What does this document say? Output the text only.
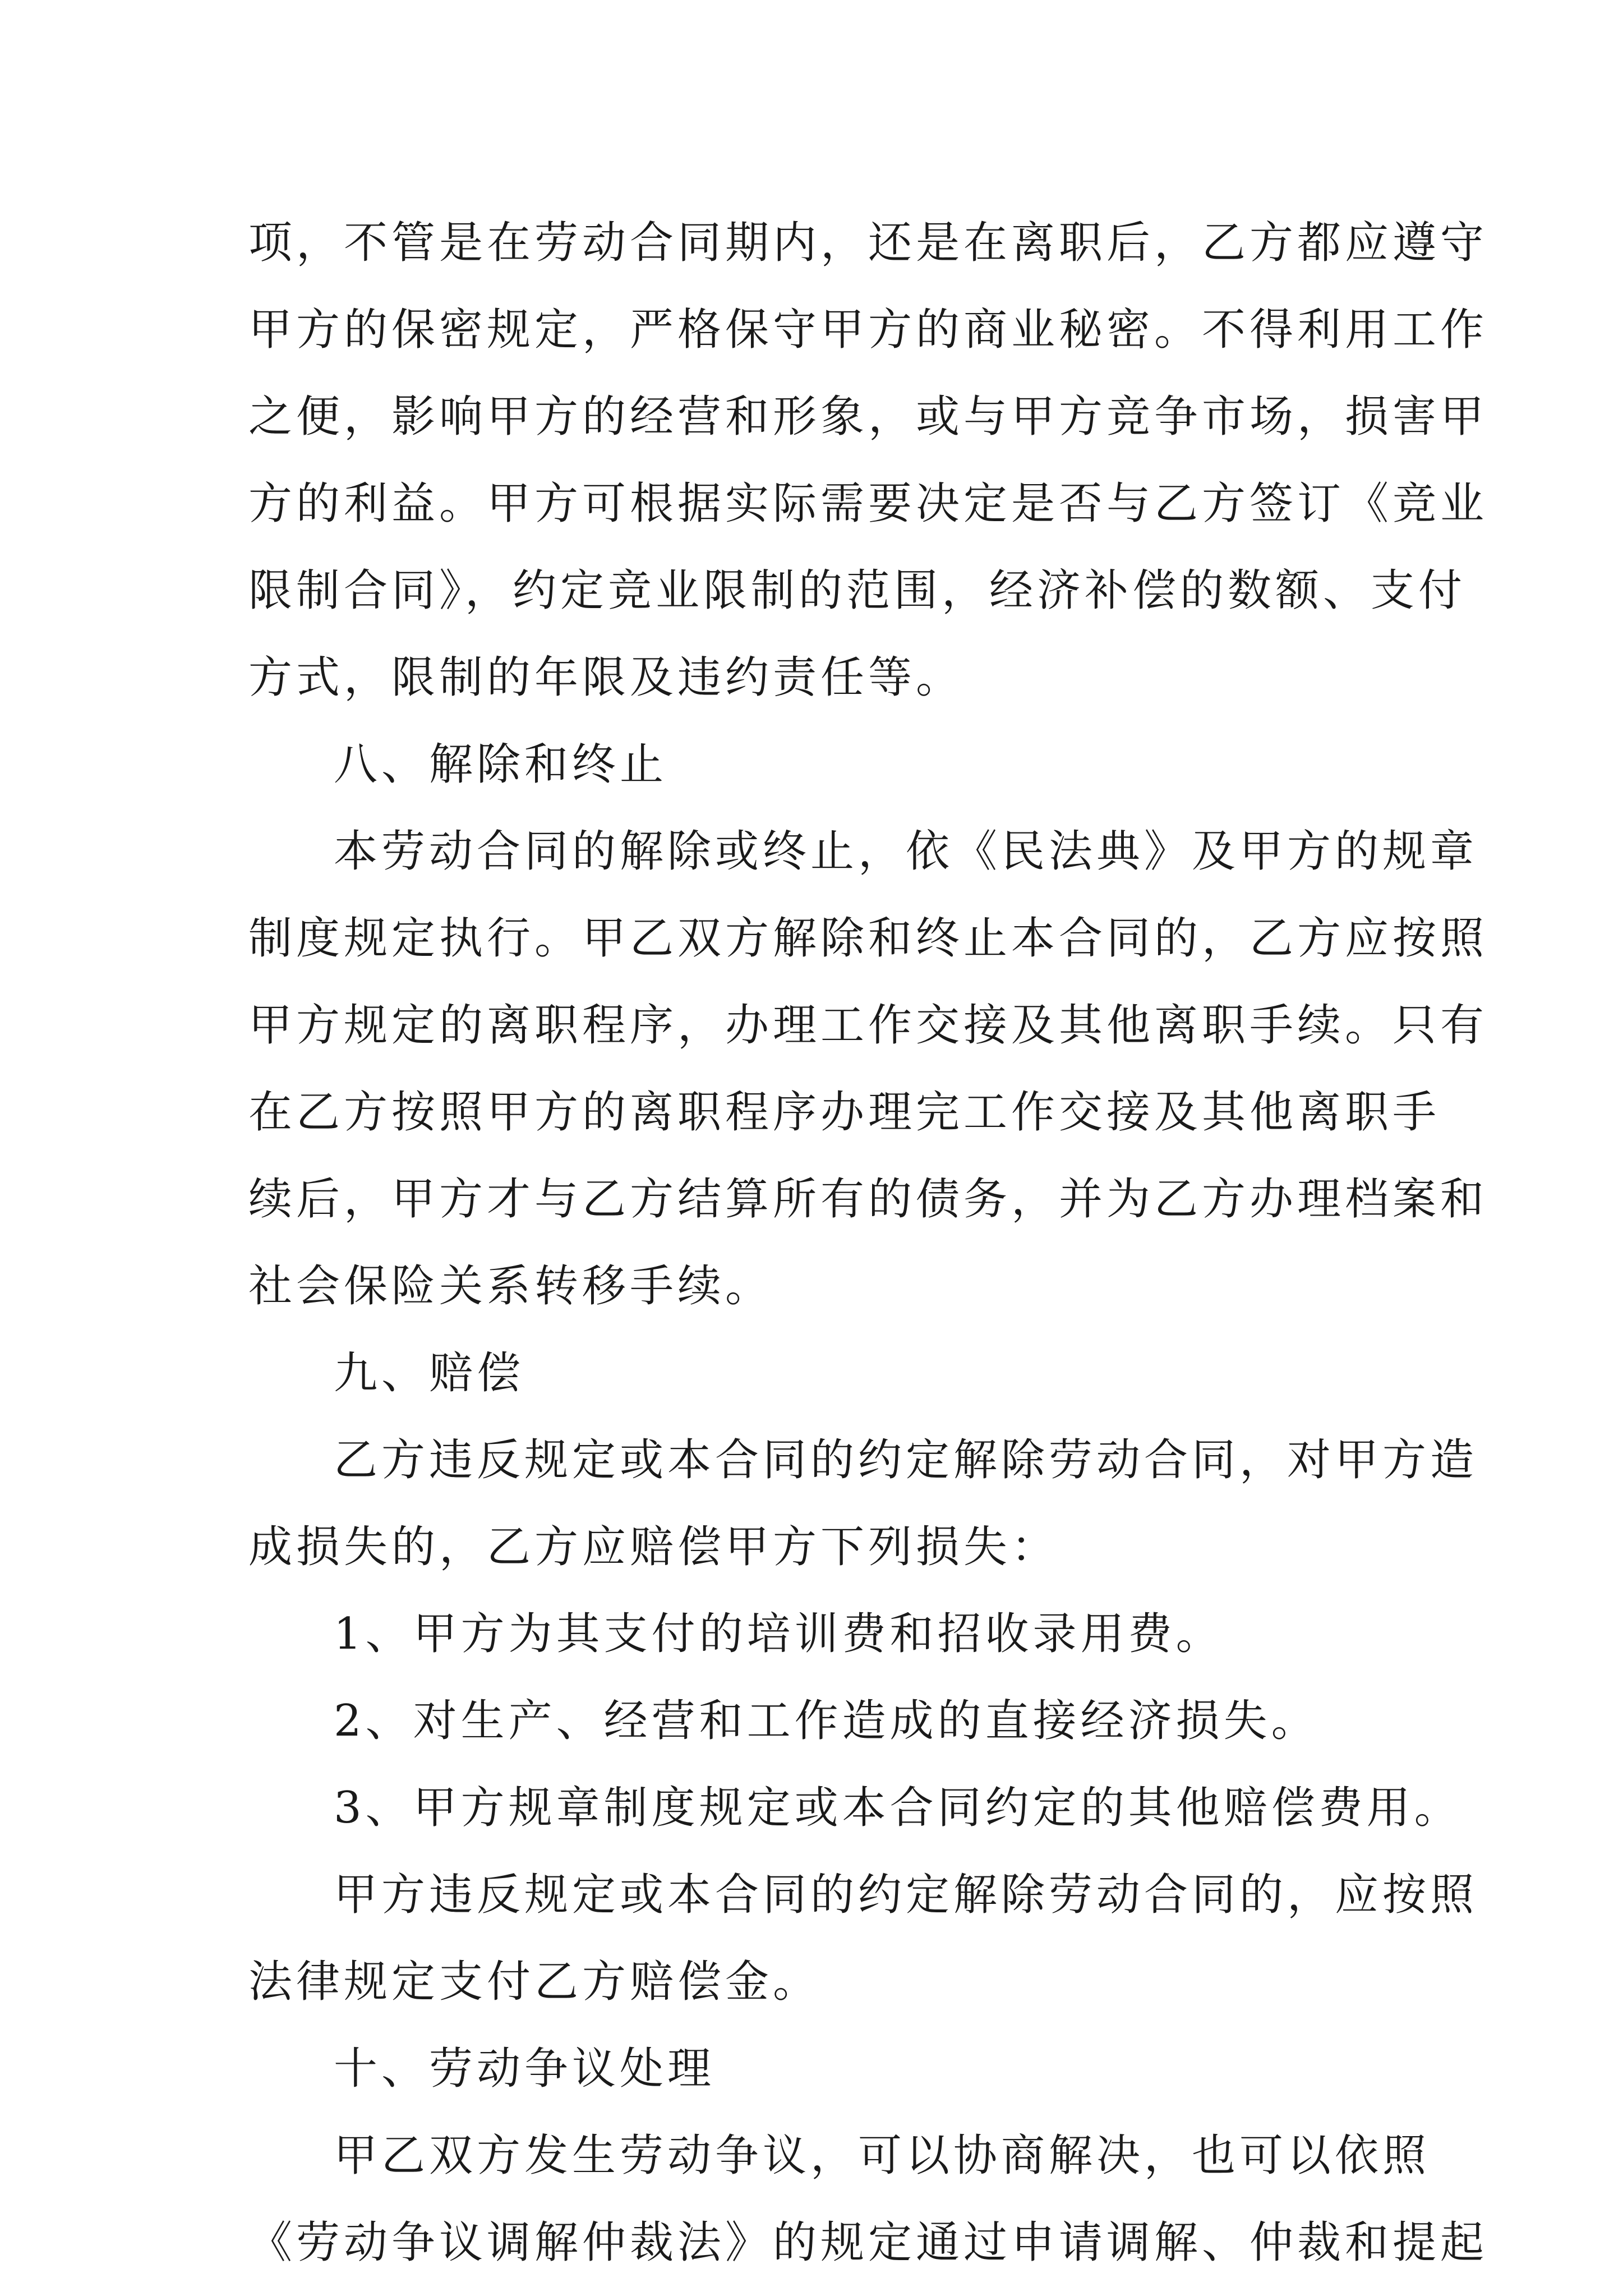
项，不管是在劳动合同期内，还是在离职后，乙方都应遵守
甲方的保密规定，严格保守甲方的商业秘密。不得利用工作
之便，影响甲方的经营和形象，或与甲方竞争市场，损害甲
方的利益。甲方可根据实际需要决定是否与乙方签订《竞业
限制合同》，约定竞业限制的范围，经济补偿的数额、支付
方式，限制的年限及违约责任等。
八、解除和终止
本劳动合同的解除或终止，依《民法典》及甲方的规章
制度规定执行。甲乙双方解除和终止本合同的，乙方应按照
甲方规定的离职程序，办理工作交接及其他离职手续。只有
在乙方按照甲方的离职程序办理完工作交接及其他离职手
续后，甲方才与乙方结算所有的债务，并为乙方办理档案和
社会保险关系转移手续。
九、赔偿
乙方违反规定或本合同的约定解除劳动合同，对甲方造
成损失的，乙方应赔偿甲方下列损失：
1、甲方为其支付的培训费和招收录用费。
2、对生产、经营和工作造成的直接经济损失。
3、甲方规章制度规定或本合同约定的其他赔偿费用。
甲方违反规定或本合同的约定解除劳动合同的，应按照
法律规定支付乙方赔偿金。
十、劳动争议处理
甲乙双方发生劳动争议，可以协商解决，也可以依照
《劳动争议调解仲裁法》的规定通过申请调解、仲裁和提起
